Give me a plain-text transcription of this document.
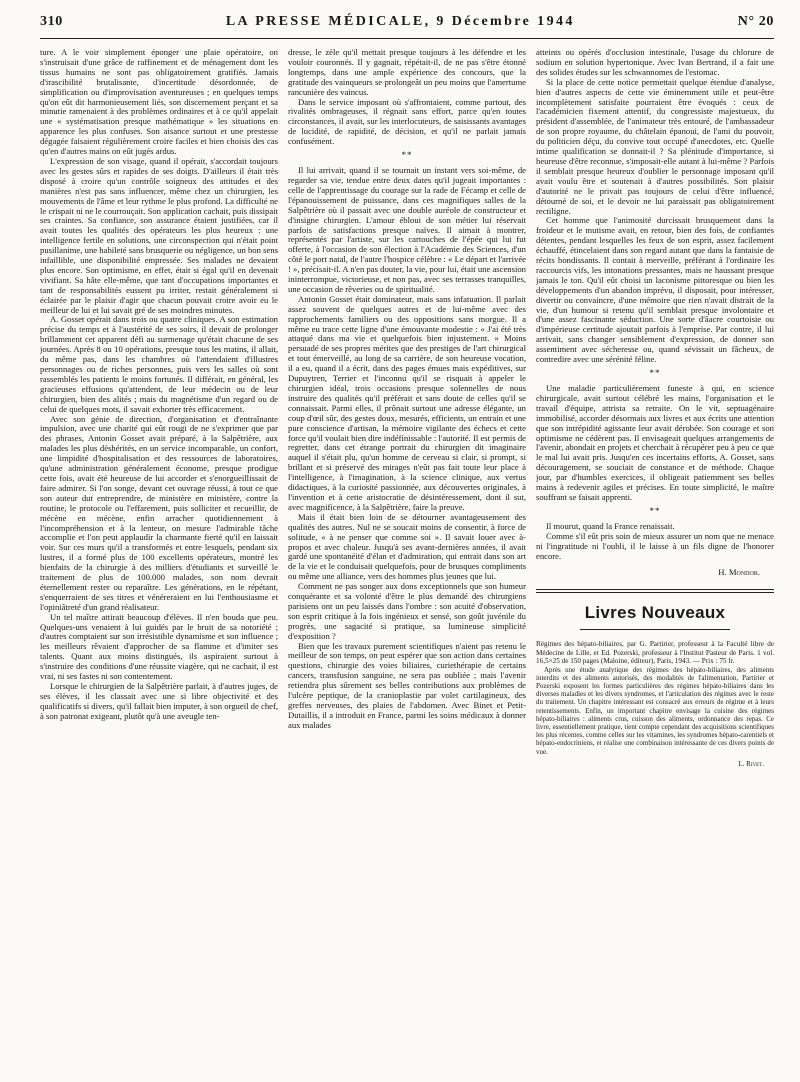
310	LA PRESSE MÉDICALE, 9 Décembre 1944	N° 20

ture. A le voir simplement éponger une plaie opératoire, on s'instruisait d'une grâce de raffinement et de ménagement dont les tissus humains ne sont pas obligatoirement gratifiés. Jamais d'irascibilité brutalisante, d'incertitude désordonnée, de simplification ou d'improvisation aventureuses ; en quelques temps qu'on eût dit harmonieusement liés, son discernement perçant et sa minutie ramenaient à des problèmes ordinaires et à ce qu'il appelait une « systématisation presque mathématique » les situations en apparence les plus confuses. Son aisance surtout et une prestesse dégagée faisaient régulièrement croire faciles et bien choisis des cas qu'en d'autres mains on eût jugés ardus.

L'expression de son visage, quand il opérait, s'accordait toujours avec les gestes sûrs et rapides de ses doigts. D'ailleurs il était très disposé à croire qu'un contrôle soigneux des attitudes et des manières n'est pas sans influencer, même chez un chirurgien, les mouvements de l'âme et leur rythme le plus profond. La difficulté ne le crispait ni ne le courrouçait. Son application cachait, puis dissipait ses craintes. Sa confiance, son assurance étaient justifiées, car il avait toutes les qualités des opérateurs les plus heureux : une intelligence fertile en solutions, une circonspection qui n'était point pusillanime, une habileté sans brusquerie ou négligence, un bon sens infaillible, une disponibilité empressée. Ses malades ne devaient plus encore. Son optimisme, en effet, était si égal qu'il en devenait vivifiant. Sa hâte elle-même, que tant d'occupations importantes et tant de responsabilités eussent pu irriter, restait généralement si éclairée par le plaisir d'agir que chacun pouvait croire avoir eu le meilleur de lui et lui savait gré de ses moindres minutes.

A. Gosset opérait dans trois ou quatre cliniques. A son estimation précise du temps et à l'austérité de ses soirs, il devait de prolonger brillamment cet apparent défi au surmenage qu'était chacune de ses journées. Après 8 ou 10 opérations, presque tous les matins, il allait, du même pas, dans les chambres où l'attendaient d'illustres personnages ou de riches personnes, puis vers les salles où sont rassemblés les patients le moins fortunés. Il différait, en général, les gracieuses effusions qu'attendent, de leur médecin ou de leur chirurgien, bien des alités ; mais du magnétisme d'un regard ou de celui de quelques mots, il savait exhorter très efficacement.

Avec son génie de direction, d'organisation et d'entraînante impulsion, avec une charité qui eût rougi de ne s'exprimer que par des phrases, Antonin Gosset avait préparé, à la Salpêtrière, aux malades les plus déshérités, en un service incomparable, un confort, une limpidité d'hospitalisation et des ressources de laboratoires, qu'une administration généralement économe, presque prodigue cette fois, avait été heureuse de lui accorder et s'enorgueillissait de faire admirer. Si l'on songe, devant cet ouvrage réussi, à tout ce que son auteur dut entreprendre, de ministère en ministère, contre la routine, le protocole ou l'effarement, puis solliciter et recueillir, de mécène en mécène, enfin arracher quotidiennement à l'incompréhension et à la lenteur, on mesure l'admirable tâche accomplie et l'on peut applaudir la charmante fierté qu'il en laissait voir. Sur ces murs qu'il a transformés et entre lesquels, pendant six lustres, il a formé plus de 100 excellents opérateurs, montré les bienfaits de la chirurgie à des milliers d'étudiants et surveillé le traitement de plus de 100.000 malades, son nom devrait éternellement rester ou reparaître. Les générations, en le répétant, s'enquerraient de ses titres et vénéreraient en lui l'enthousiasme et l'opiniâtreté d'un grand réalisateur.

Un tel maître attirait beaucoup d'élèves. Il n'en bouda que peu. Quelques-uns venaient à lui guidés par le bruit de sa notoriété ; d'autres comptaient sur son irrésistible dynamisme et son influence ; les meilleurs rêvaient d'approcher de sa flamme et d'imiter ses talents. Quant aux moins distingués, ils aspiraient surtout à s'instruire des conditions d'une réussite viagère, qui ne cachait, il est vrai, ni ses fastes ni son contentement.

Lorsque le chirurgien de la Salpêtrière parlait, à d'autres juges, de ses élèves, il les classait avec une si libre objectivité et des qualificatifs si divers, qu'il fallait bien imputer, à son orgueil de chef, à son patronat exigeant, plutôt qu'à une aveugle ten-

dresse, le zèle qu'il mettait presque toujours à les défendre et les vouloir couronnés. Il y gagnait, répétait-il, de ne pas s'être étonné longtemps, dans une ample expérience des concours, que la gratitude des vainqueurs se prolongeât un peu moins que l'amertume rancunière des vaincus.

Dans le service imposant où s'affrontaient, comme partout, des rivalités ombrageuses, il régnait sans effort, parce qu'en toutes circonstances, il avait, sur les interlocuteurs, de saisissants avantages de lucidité, de rapidité, de décision, et qu'il ne parlait jamais confusément.

**

Il lui arrivait, quand il se tournait un instant vers soi-même, de regarder sa vie, tendue entre deux dates qu'il jugeait importantes : celle de l'apprentissage du courage sur la rade de Fécamp et celle de l'épanouissement de puissance, dans ces magnifiques salles de la Salpêtrière où il passait avec une double auréole de constructeur et d'insigne chirurgien. L'amour ébloui de son métier lui réservait parfois de satisfactions presque naïves. Il aimait à montrer, représentés par l'artiste, sur les cartouches de l'épée qui lui fut offerte, à l'occasion de son élection à l'Académie des Sciences, d'un côté le port natal, de l'autre l'hospice célèbre : « Le départ et l'arrivée ! », précisait-il. A n'en pas douter, la vie, pour lui, était une ascension ininterrompue, victorieuse, et non pas, avec ses terrasses tranquilles, une occasion de rêveries ou de spiritualité.

Antonin Gosset était dominateur, mais sans infatuation. Il parlait assez souvent de quelques autres et de lui-même avec des rapprochements familiers ou des oppositions sans morgue. Il a même eu trace cette ligne d'une émouvante modestie : « J'ai été très attaqué dans ma vie et quelquefois bien injustement. » Moins persuadé de ses propres mérites que des prestiges de l'art chirurgical et tout émerveillé, au long de sa carrière, de son heureuse vocation, il a eu, quand il a écrit, dans des pages émues mais expéditives, sur Dupuytren, Terrier et l'inconnu qu'il se risquait à appeler le chirurgien idéal, trois occasions presque solennelles de nous instruire des qualités qu'il préférait et sans doute de celles qu'il se connaissait. Parmi elles, il prônait surtout une adresse élégante, un coup d'œil sûr, des gestes doux, mesurés, efficients, un entrain et une pure conscience d'artisan, la mémoire vigilante des échecs et cette force qu'il voulait bien dire indéfinissable : l'autorité. Il est permis de regretter, dans cet étrange portrait du chirurgien dit imaginaire auquel il s'était plu, qu'un homme de cerveau si clair, si prompt, si brillant et si préservé des mirages n'eût pas fait toute leur place à l'intelligence, à l'imagination, à la science clinique, aux vertus didactiques, à la curiosité passionnée, aux découvertes originales, à l'invention et à cette aristocratie de désintéressement, dont il sut, avec magnificence, à la Salpêtrière, faire la preuve.

Mais il était bien loin de se détourner avantageusement des qualités des autres. Nul ne se soucait moins de consentir, à force de solitude, « à ne penser que comme soi ». Il savait louer avec à-propos et avec chaleur. Jusqu'à ses avant-dernières années, il avait gardé une spontanéité d'élan et d'admiration, qui entrait dans son art de la vie et le conduisait quelquefois, pour de brusques compliments ou même une alliance, vers des hommes plus jeunes que lui.

Comment ne pas songer aux dons exceptionnels que son humeur conquérante et sa volonté d'être le plus demandé des chirurgiens parisiens ont un peu laissés dans l'ombre : son acuité d'observation, son esprit critique à la fois ingénieux et sensé, son goût juvénile du progrès, une sagacité si pratique, sa lumineuse simplicité d'exposition ?

Bien que les travaux purement scientifiques n'aient pas retenu le meilleur de son temps, on peut espérer que son action dans certaines questions, chirurgie des voies biliaires, curiethérapie de certains cancers, transfusion sanguine, ne sera pas oubliée ; mais l'avenir retiendra plus sûrement ses belles contributions aux problèmes de l'ulcère peptique, de la cranioplastie par volet cartilagineux, des greffes nerveuses, des plaies de l'abdomen. Avec Binet et Petit-Dutaillis, il a introduit en France, parmi les soins médicaux à donner aux malades

atteints ou opérés d'occlusion intestinale, l'usage du chlorure de sodium en solution hypertonique. Avec Ivan Bertrand, il a fait une des solides études sur les schwannomes de l'estomac.

Si la place de cette notice permettait quelque étendue d'analyse, bien d'autres aspects de cette vie éminemment utile et peut-être incomplètement satisfaite pourraient être évoqués : ceux de l'académicien fixement attentif, du congressiste majestueux, du président d'assemblée, de l'animateur très entouré, de l'ambassadeur de son propre royaume, du châtelain épanoui, de l'ami du pouvoir, du politicien déçu, du convive tout occupé d'anecdotes, etc. Quelle intime qualification se donnait-il ? Sa plénitude d'importance, si heureuse d'être reconnue, s'imposait-elle autant à lui-même ? Parfois il semblait presque heureux d'oublier le personnage imposant qu'il avait voulu être et soutenait à d'autres possibilités. Son plaisir d'autorité ne le privait pas toujours de celui d'être influencé, détourné de soi, et le devoir ne lui paraissait pas obligatoirement rectiligne.

Cet homme que l'animosité durcissait brusquement dans la froideur et le mutisme avait, en retour, bien des fois, de confiantes détentes, pendant lesquelles les feux de son esprit, assez facilement échauffé, étincelaient dans son regard autant que dans la fantaisie de récits bondissants. Il contait à merveille, préférant à l'ordinaire les raccourcis vifs, les intonations pressantes, mais ne haussant presque jamais le ton. Qu'il eût choisi un laconisme pittoresque ou bien les développements d'un abandon imprévu, il disposait, pour intéresser, divertir ou convaincre, d'une mémoire que rien n'avait distrait de la vie, d'un humour si retenu qu'il semblait presque involontaire et d'une assez fascinante séduction. Une sorte d'âacre courtoisie ou d'impérieuse certitude ajoutait parfois à l'emprise. Par contre, il lui arrivait, sans changer sensiblement d'expression, de donner son assentiment avec sécheresse ou, quand sévissait un fâcheux, de contredire avec une sérénité féline.

**

Une maladie particulièrement funeste à qui, en science chirurgicale, avait surtout célébré les mains, l'organisation et le travail d'équipe, attrista sa retraite. On le vit, septuagénaire immobilisé, accorder désormais aux livres et aux écrits une attention que son intrépidité agissante leur avait dérobée. Son courage et son optimisme ne cédèrent pas. Il envisageait quelques arrangements de l'avenir, abondait en projets et cherchait à récupérer peu à peu ce que le mal lui avait pris. Jusqu'en ces incertains efforts, A. Gosset, sans découragement, se souciait de constance et de méthode. Chaque jour, par d'humbles exercices, il obligeait patiemment ses belles mains à redevenir agiles et précises. En toute simplicité, le maître souffrant se faisait apprenti.

**

Il mourut, quand la France renaissait.

Comme s'il eût pris soin de mieux assurer un nom que ne menace ni l'ingratitude ni l'oubli, il le laisse à un fils digne de l'honorer encore.

H. Mondor.
Livres Nouveaux

Régimes des hépato-biliaires, par G. Partirier, professeur à la Faculté libre de Médecine de Lille, et Ed. Pozerski, professeur à l'Institut Pasteur de Paris. 1 vol. 16,5×25 de 150 pages (Maloine, éditeur), Paris, 1943. — Prix : 75 fr.

Après une étude analytique des régimes des hépato-biliaires, des aliments interdits et des aliments autorisés, des modalités de l'alimentation, Partirier et Pozerski exposent les formes particulières des régimes hépato-biliaires dans les diverses maladies et les divers syndromes, et l'articulation des régimes avec le reste du traitement. Un chapitre intéressant est consacré aux erreurs de régime et à leurs retentissements. Enfin, un important chapitre envisage la cuisine des régimes hépato-biliaires : aliments crus, cuisson des aliments, ordonnance des repas. Ce livre, essentiellement pratique, tient compte cependant des acquisitions scientifiques les plus récentes, comme celles sur les vitamines, les syndromes hépato-carentiels et hépato-endocriniens, et réalise une combinaison intéressante de ces divers points de vue.

L. Rivet.
